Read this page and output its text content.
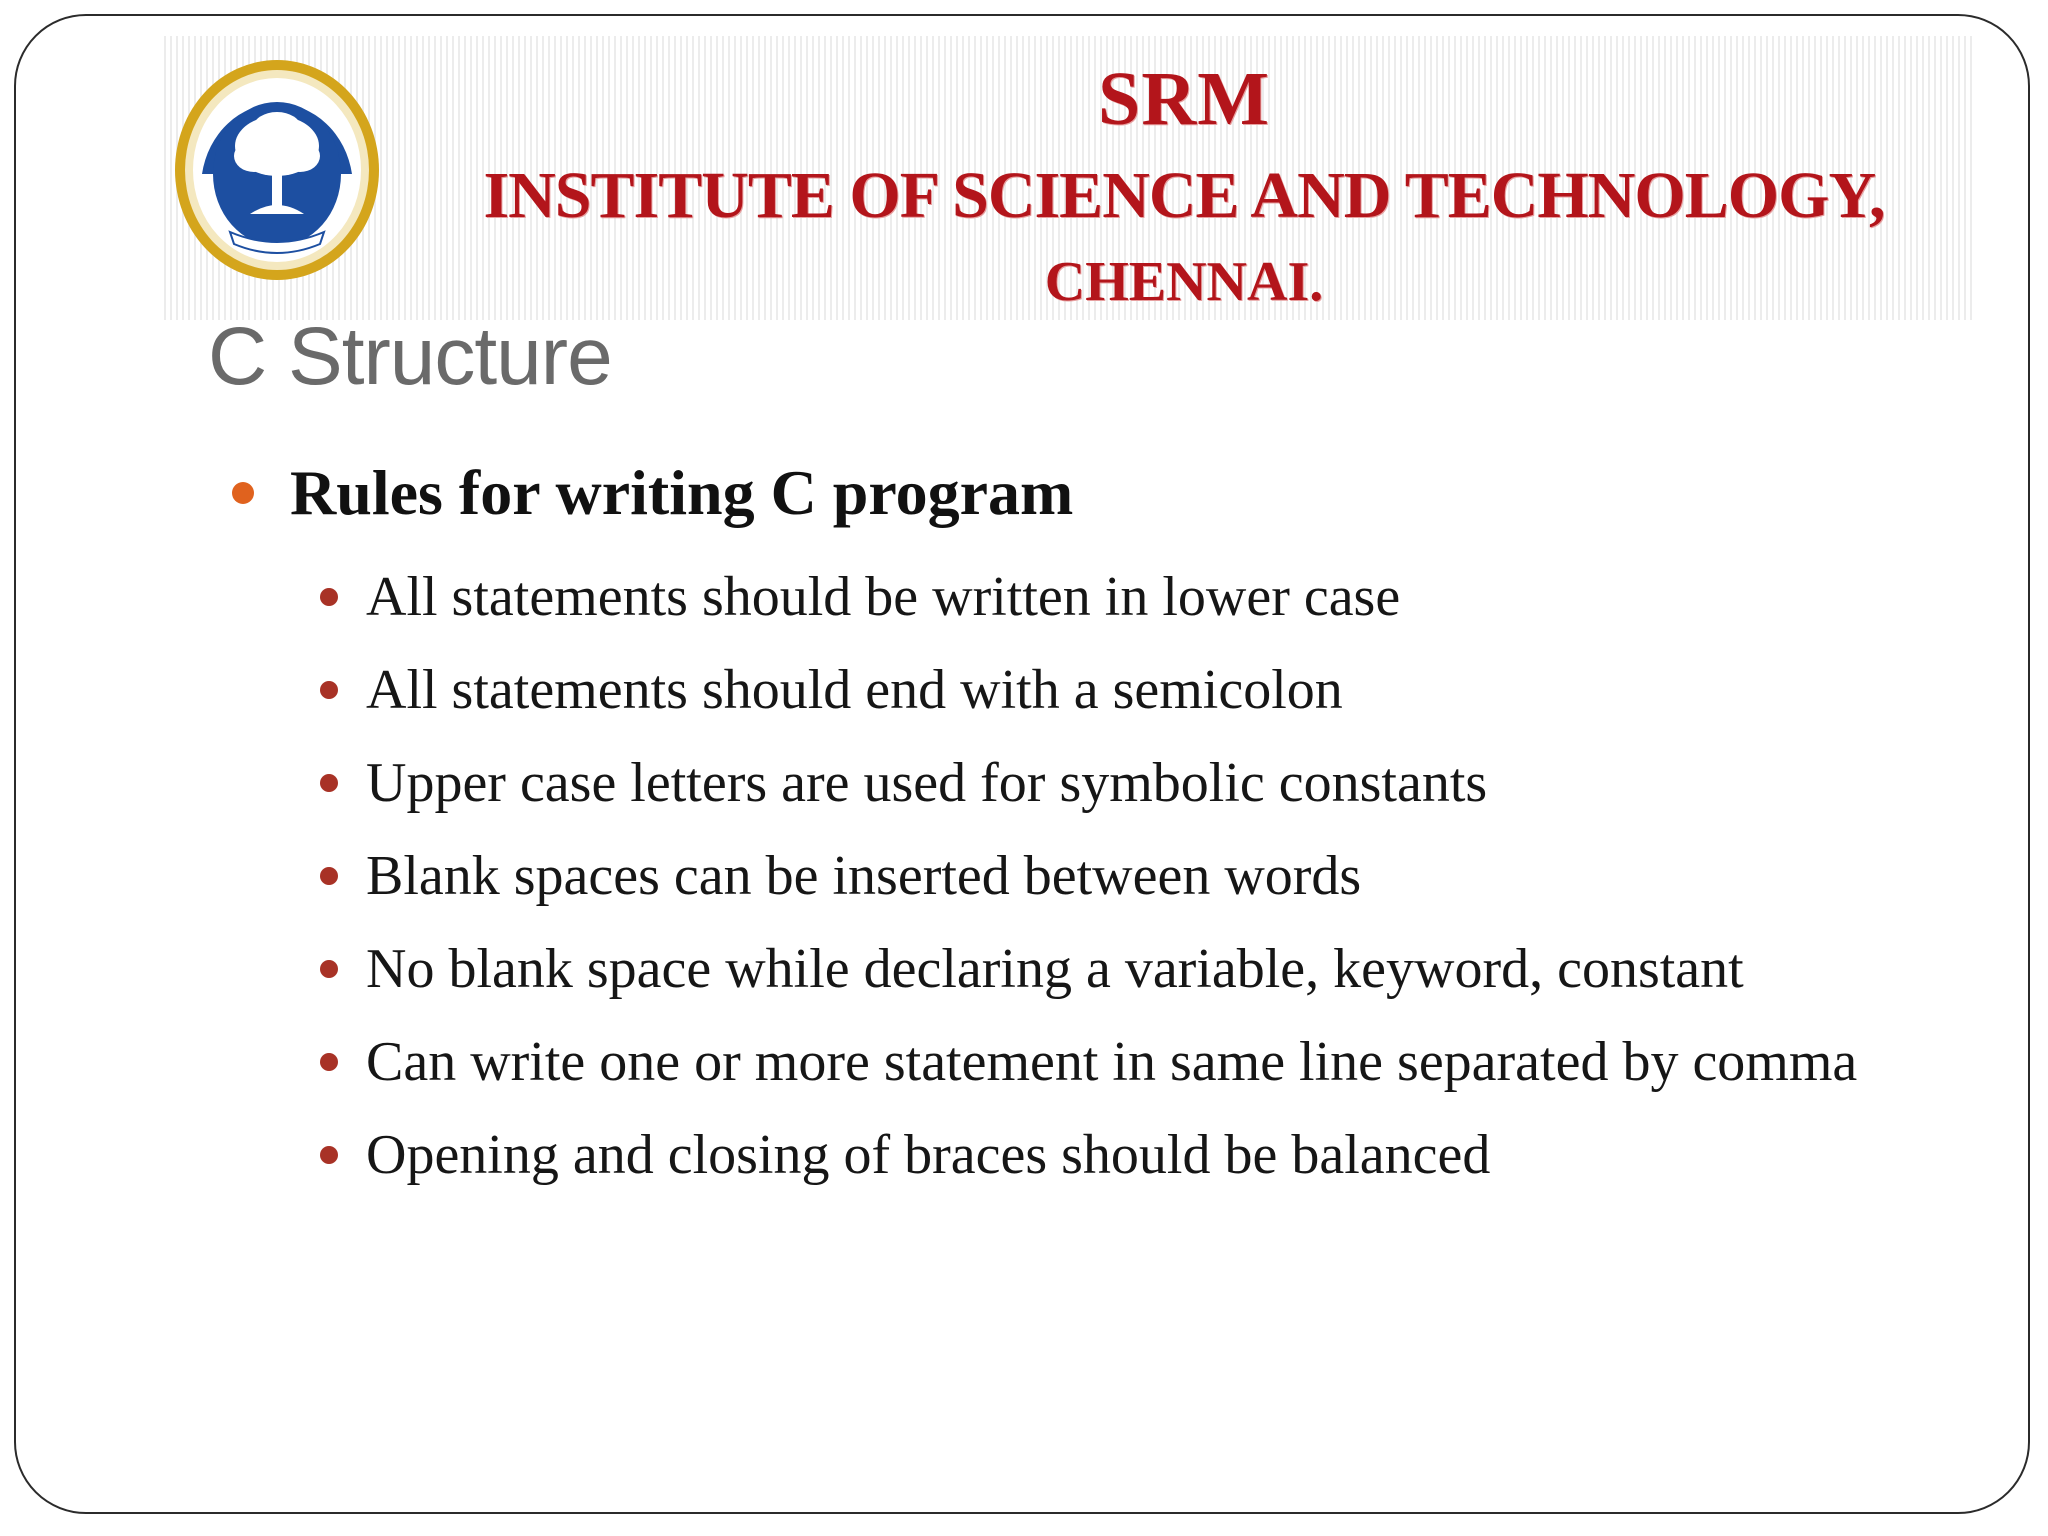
SRM
INSTITUTE OF SCIENCE AND TECHNOLOGY,
CHENNAI.
C Structure
Rules for writing C program
All statements should be written in lower case
All statements should end with a semicolon
Upper case letters are used for symbolic constants
Blank spaces can be inserted between words
No blank space while declaring a variable, keyword, constant
Can write one or more statement in same line separated by comma
Opening and closing of braces should be balanced
